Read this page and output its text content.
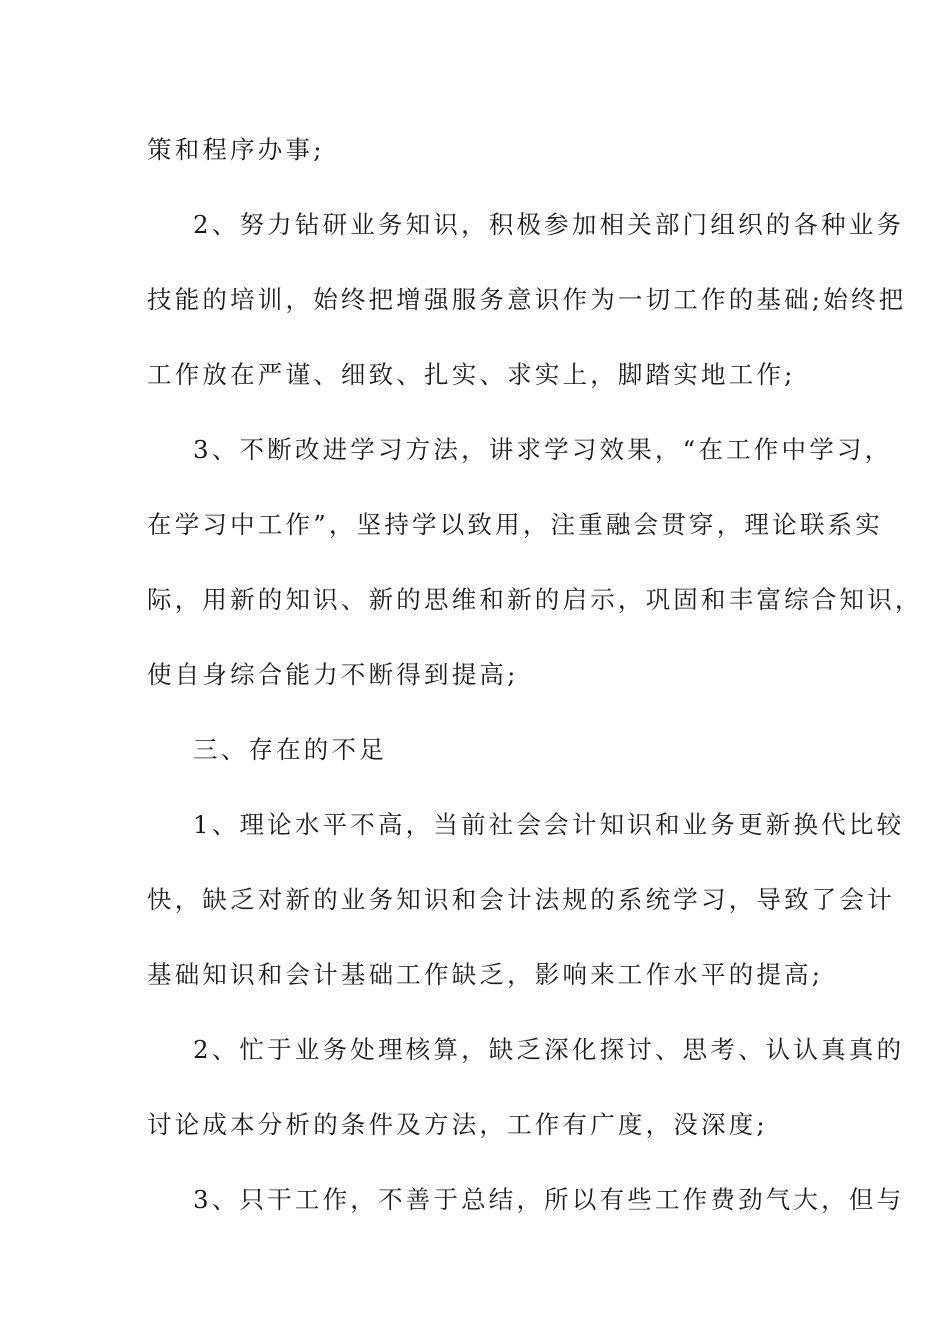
策和程序办事;

2、努力钻研业务知识，积极参加相关部门组织的各种业务

技能的培训，始终把增强服务意识作为一切工作的基础;始终把

工作放在严谨、细致、扎实、求实上，脚踏实地工作;

3、不断改进学习方法，讲求学习效果，“在工作中学习，

在学习中工作”，坚持学以致用，注重融会贯穿，理论联系实

际，用新的知识、新的思维和新的启示，巩固和丰富综合知识，

使自身综合能力不断得到提高;

三、存在的不足

1、理论水平不高，当前社会会计知识和业务更新换代比较

快，缺乏对新的业务知识和会计法规的系统学习，导致了会计

基础知识和会计基础工作缺乏，影响来工作水平的提高;

2、忙于业务处理核算，缺乏深化探讨、思考、认认真真的

讨论成本分析的条件及方法，工作有广度，没深度;

3、只干工作，不善于总结，所以有些工作费劲气大，但与
